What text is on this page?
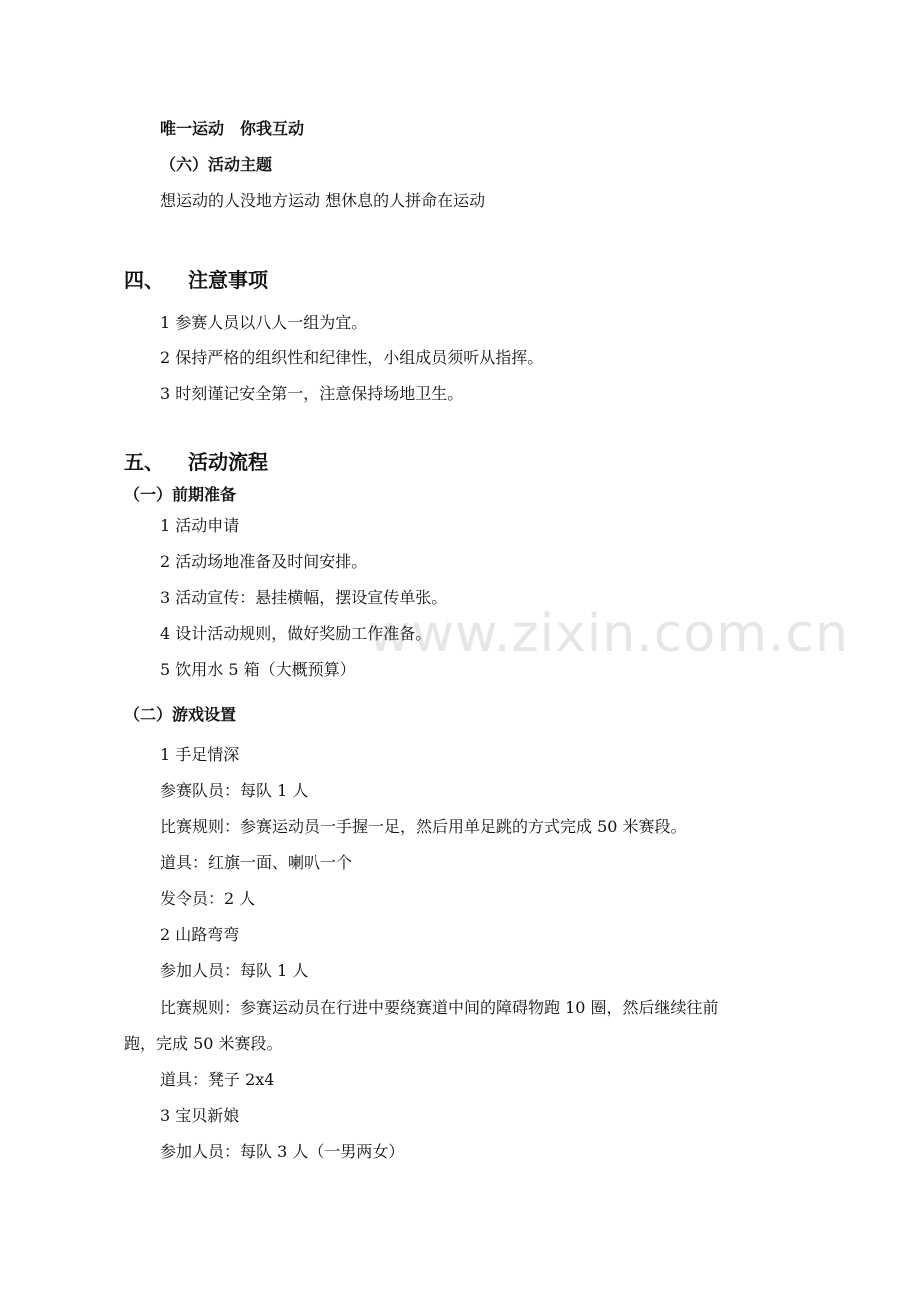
www.zixin.com.cn
唯一运动　你我互动
（六）活动主题
想运动的人没地方运动 想休息的人拼命在运动
四、 注意事项
1 参赛人员以八人一组为宜。
2 保持严格的组织性和纪律性，小组成员须听从指挥。
3 时刻谨记安全第一，注意保持场地卫生。
五、 活动流程
（一）前期准备
1 活动申请
2 活动场地准备及时间安排。
3 活动宣传：悬挂横幅，摆设宣传单张。
4 设计活动规则，做好奖励工作准备。
5 饮用水 5 箱（大概预算）
（二）游戏设置
1 手足情深
参赛队员：每队 1 人
比赛规则：参赛运动员一手握一足，然后用单足跳的方式完成 50 米赛段。
道具：红旗一面、喇叭一个
发令员：2 人
2 山路弯弯
参加人员：每队 1 人
比赛规则：参赛运动员在行进中要绕赛道中间的障碍物跑 10 圈，然后继续往前
跑，完成 50 米赛段。
道具：凳子 2x4
3 宝贝新娘
参加人员：每队 3 人（一男两女）
